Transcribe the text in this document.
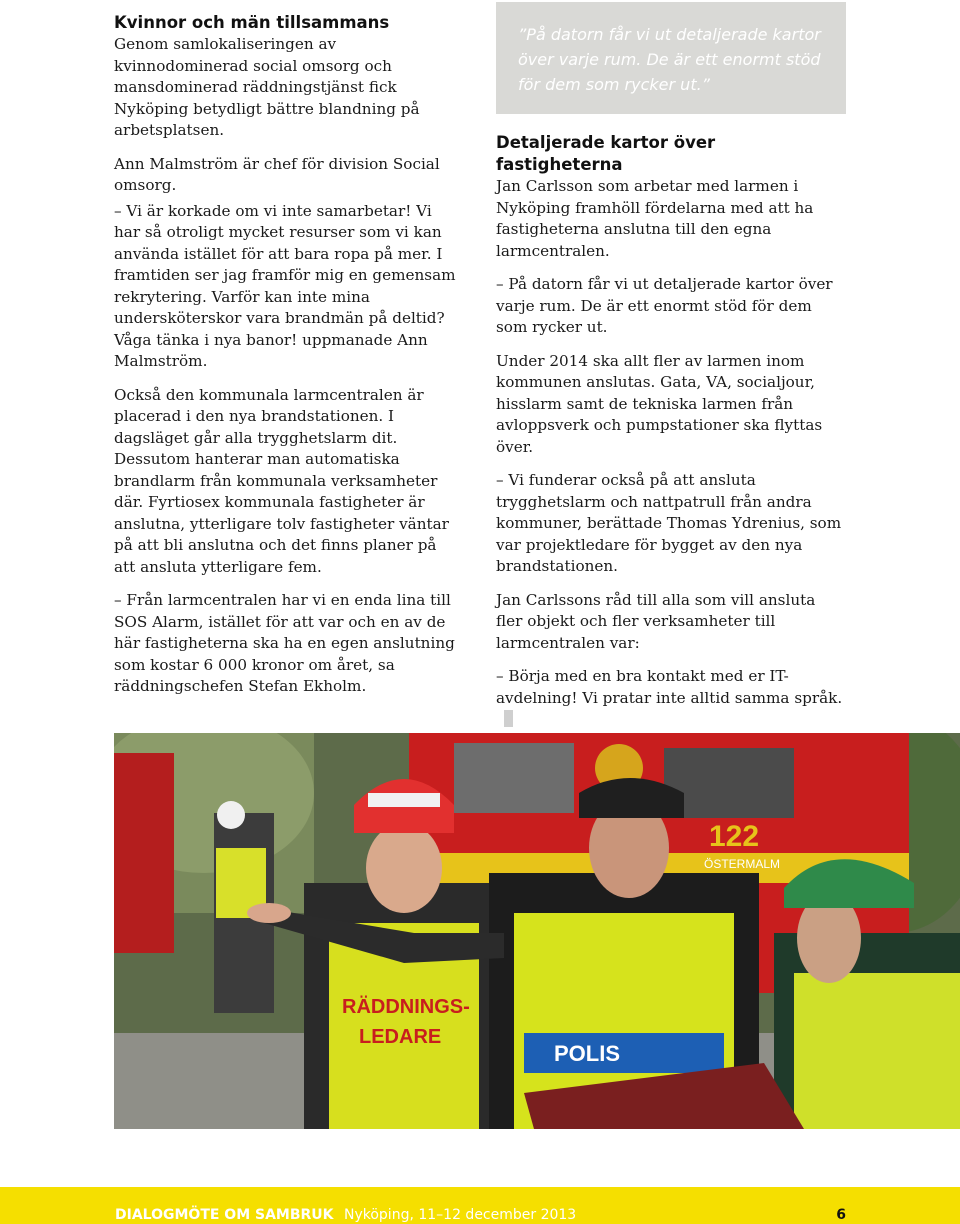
Kvinnor och män tillsammans

Genom samlokaliseringen av kvinnodominerad social omsorg och mansdominerad räddningstjänst fick Nyköping betydligt bättre blandning på arbetsplatsen.

Ann Malmström är chef för division Social omsorg.

– Vi är korkade om vi inte samarbetar! Vi har så otroligt mycket resurser som vi kan använda istället för att bara ropa på mer. I framtiden ser jag framför mig en gemensam rekrytering. Varför kan inte mina undersköterskor vara brandmän på deltid? Våga tänka i nya banor! uppmanade Ann Malmström.

Också den kommunala larmcentralen är placerad i den nya brandstationen. I dagsläget går alla trygghetslarm dit. Dessutom hanterar man automatiska brandlarm från kommunala verksamheter där. Fyrtiosex kommunala fastigheter är anslutna, ytterligare tolv fastigheter väntar på att bli anslutna och det finns planer på att ansluta ytterligare fem.

– Från larmcentralen har vi en enda lina till SOS Alarm, istället för att var och en av de här fastigheterna ska ha en egen anslutning som kostar 6 000 kronor om året, sa räddningschefen Stefan Ekholm.

”På datorn får vi ut detaljerade kartor över varje rum. De är ett enormt stöd för dem som rycker ut.”
Detaljerade kartor över fastigheterna

Jan Carlsson som arbetar med larmen i Nyköping framhöll fördelarna med att ha fastigheterna anslutna till den egna larmcentralen.

– På datorn får vi ut detaljerade kartor över varje rum. De är ett enormt stöd för dem som rycker ut.

Under 2014 ska allt fler av larmen inom kommunen anslutas. Gata, VA, socialjour, hisslarm samt de tekniska larmen från avloppsverk och pumpstationer ska flyttas över.

– Vi funderar också på att ansluta trygghetslarm och nattpatrull från andra kommuner, berättade Thomas Ydrenius, som var projektledare för bygget av den nya brandstationen.

Jan Carlssons råd till alla som vill ansluta fler objekt och fler verksamheter till larmcentralen var:

– Börja med en bra kontakt med er IT-avdelning! Vi pratar inte alltid samma språk.

122
ÖSTERMALM
RÄDDNINGS-
LEDARE
POLIS
DIALOGMÖTE OM SAMBRUK Nyköping, 11–12 december 2013	6
